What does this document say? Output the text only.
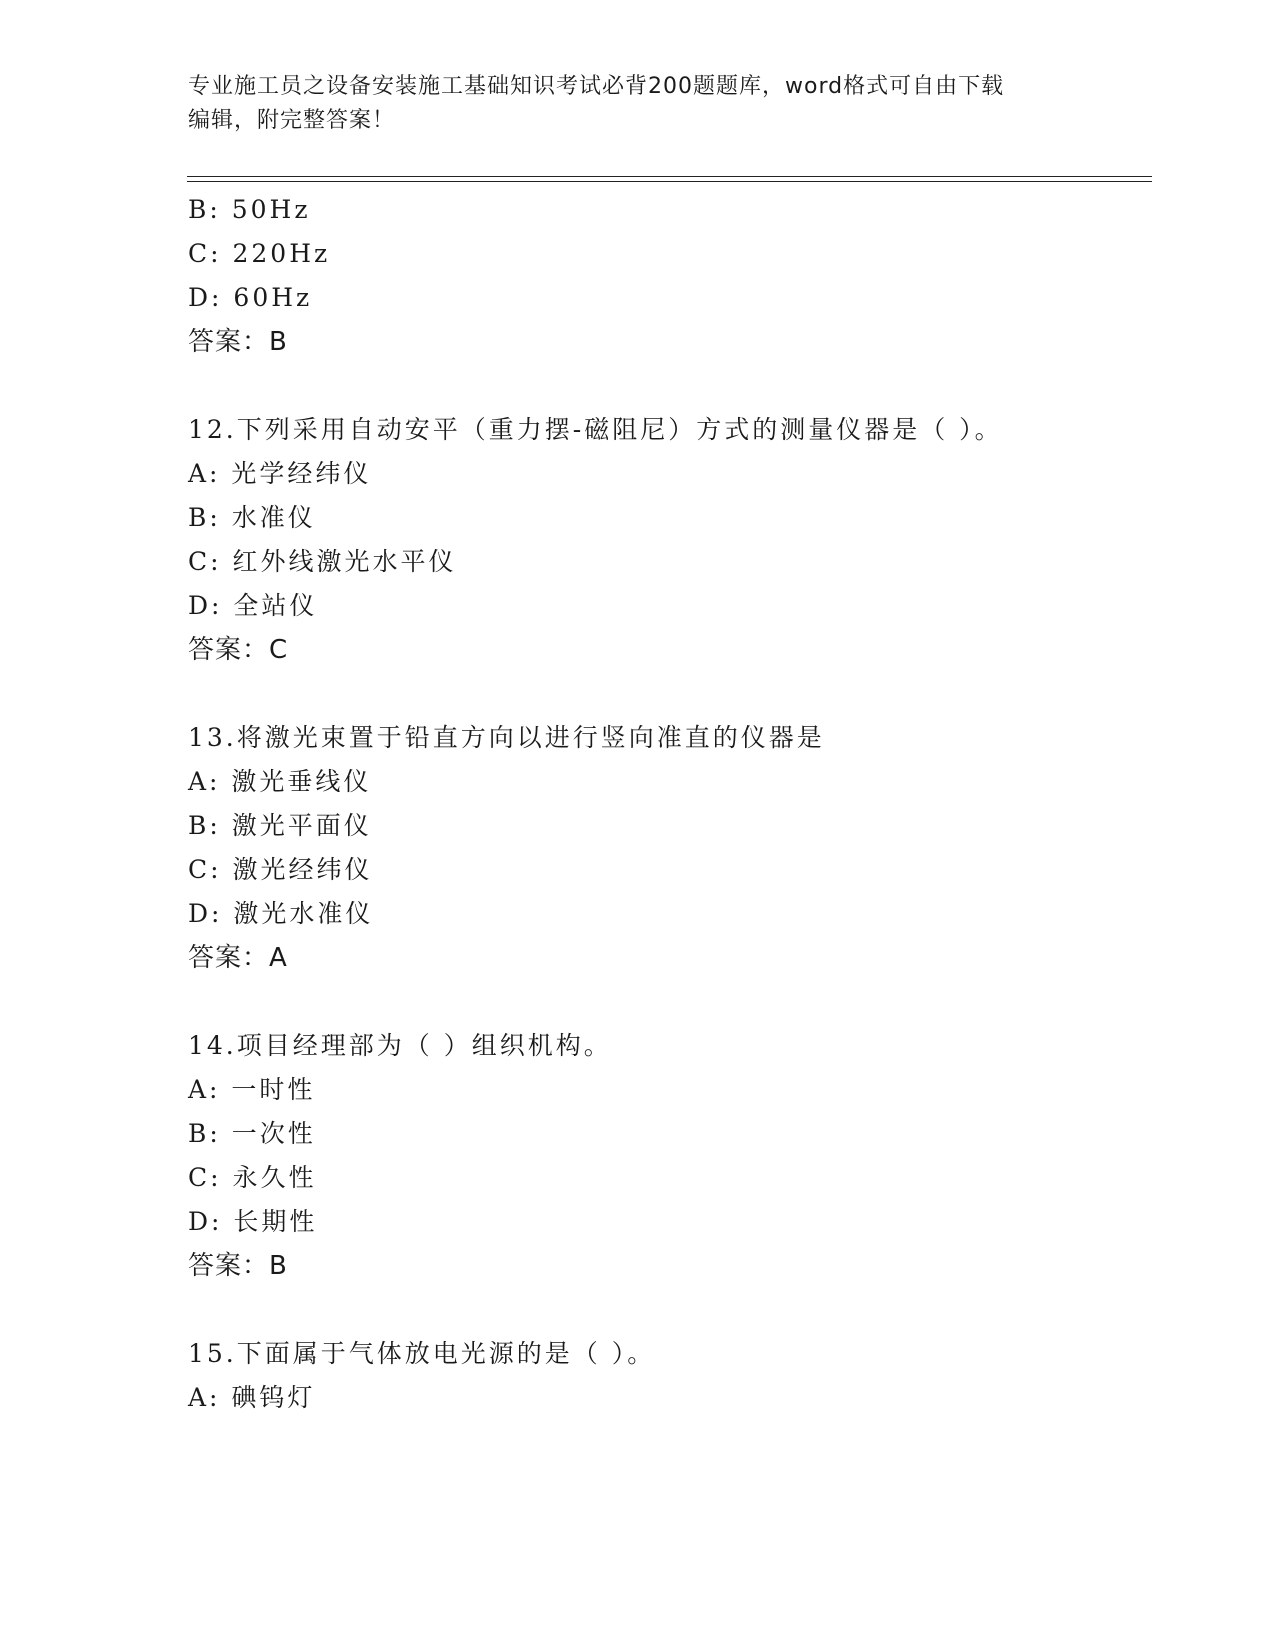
专业施工员之设备安装施工基础知识考试必背200题题库，word格式可自由下载
编辑，附完整答案！
B: 50Hz
C: 220Hz
D: 60Hz
答案：B
12.下列采用自动安平（重力摆-磁阻尼）方式的测量仪器是（ ）。
A: 光学经纬仪
B: 水准仪
C: 红外线激光水平仪
D: 全站仪
答案：C
13.将激光束置于铅直方向以进行竖向准直的仪器是
A: 激光垂线仪
B: 激光平面仪
C: 激光经纬仪
D: 激光水准仪
答案：A
14.项目经理部为（ ）组织机构。
A: 一时性
B: 一次性
C: 永久性
D: 长期性
答案：B
15.下面属于气体放电光源的是（ ）。
A: 碘钨灯
